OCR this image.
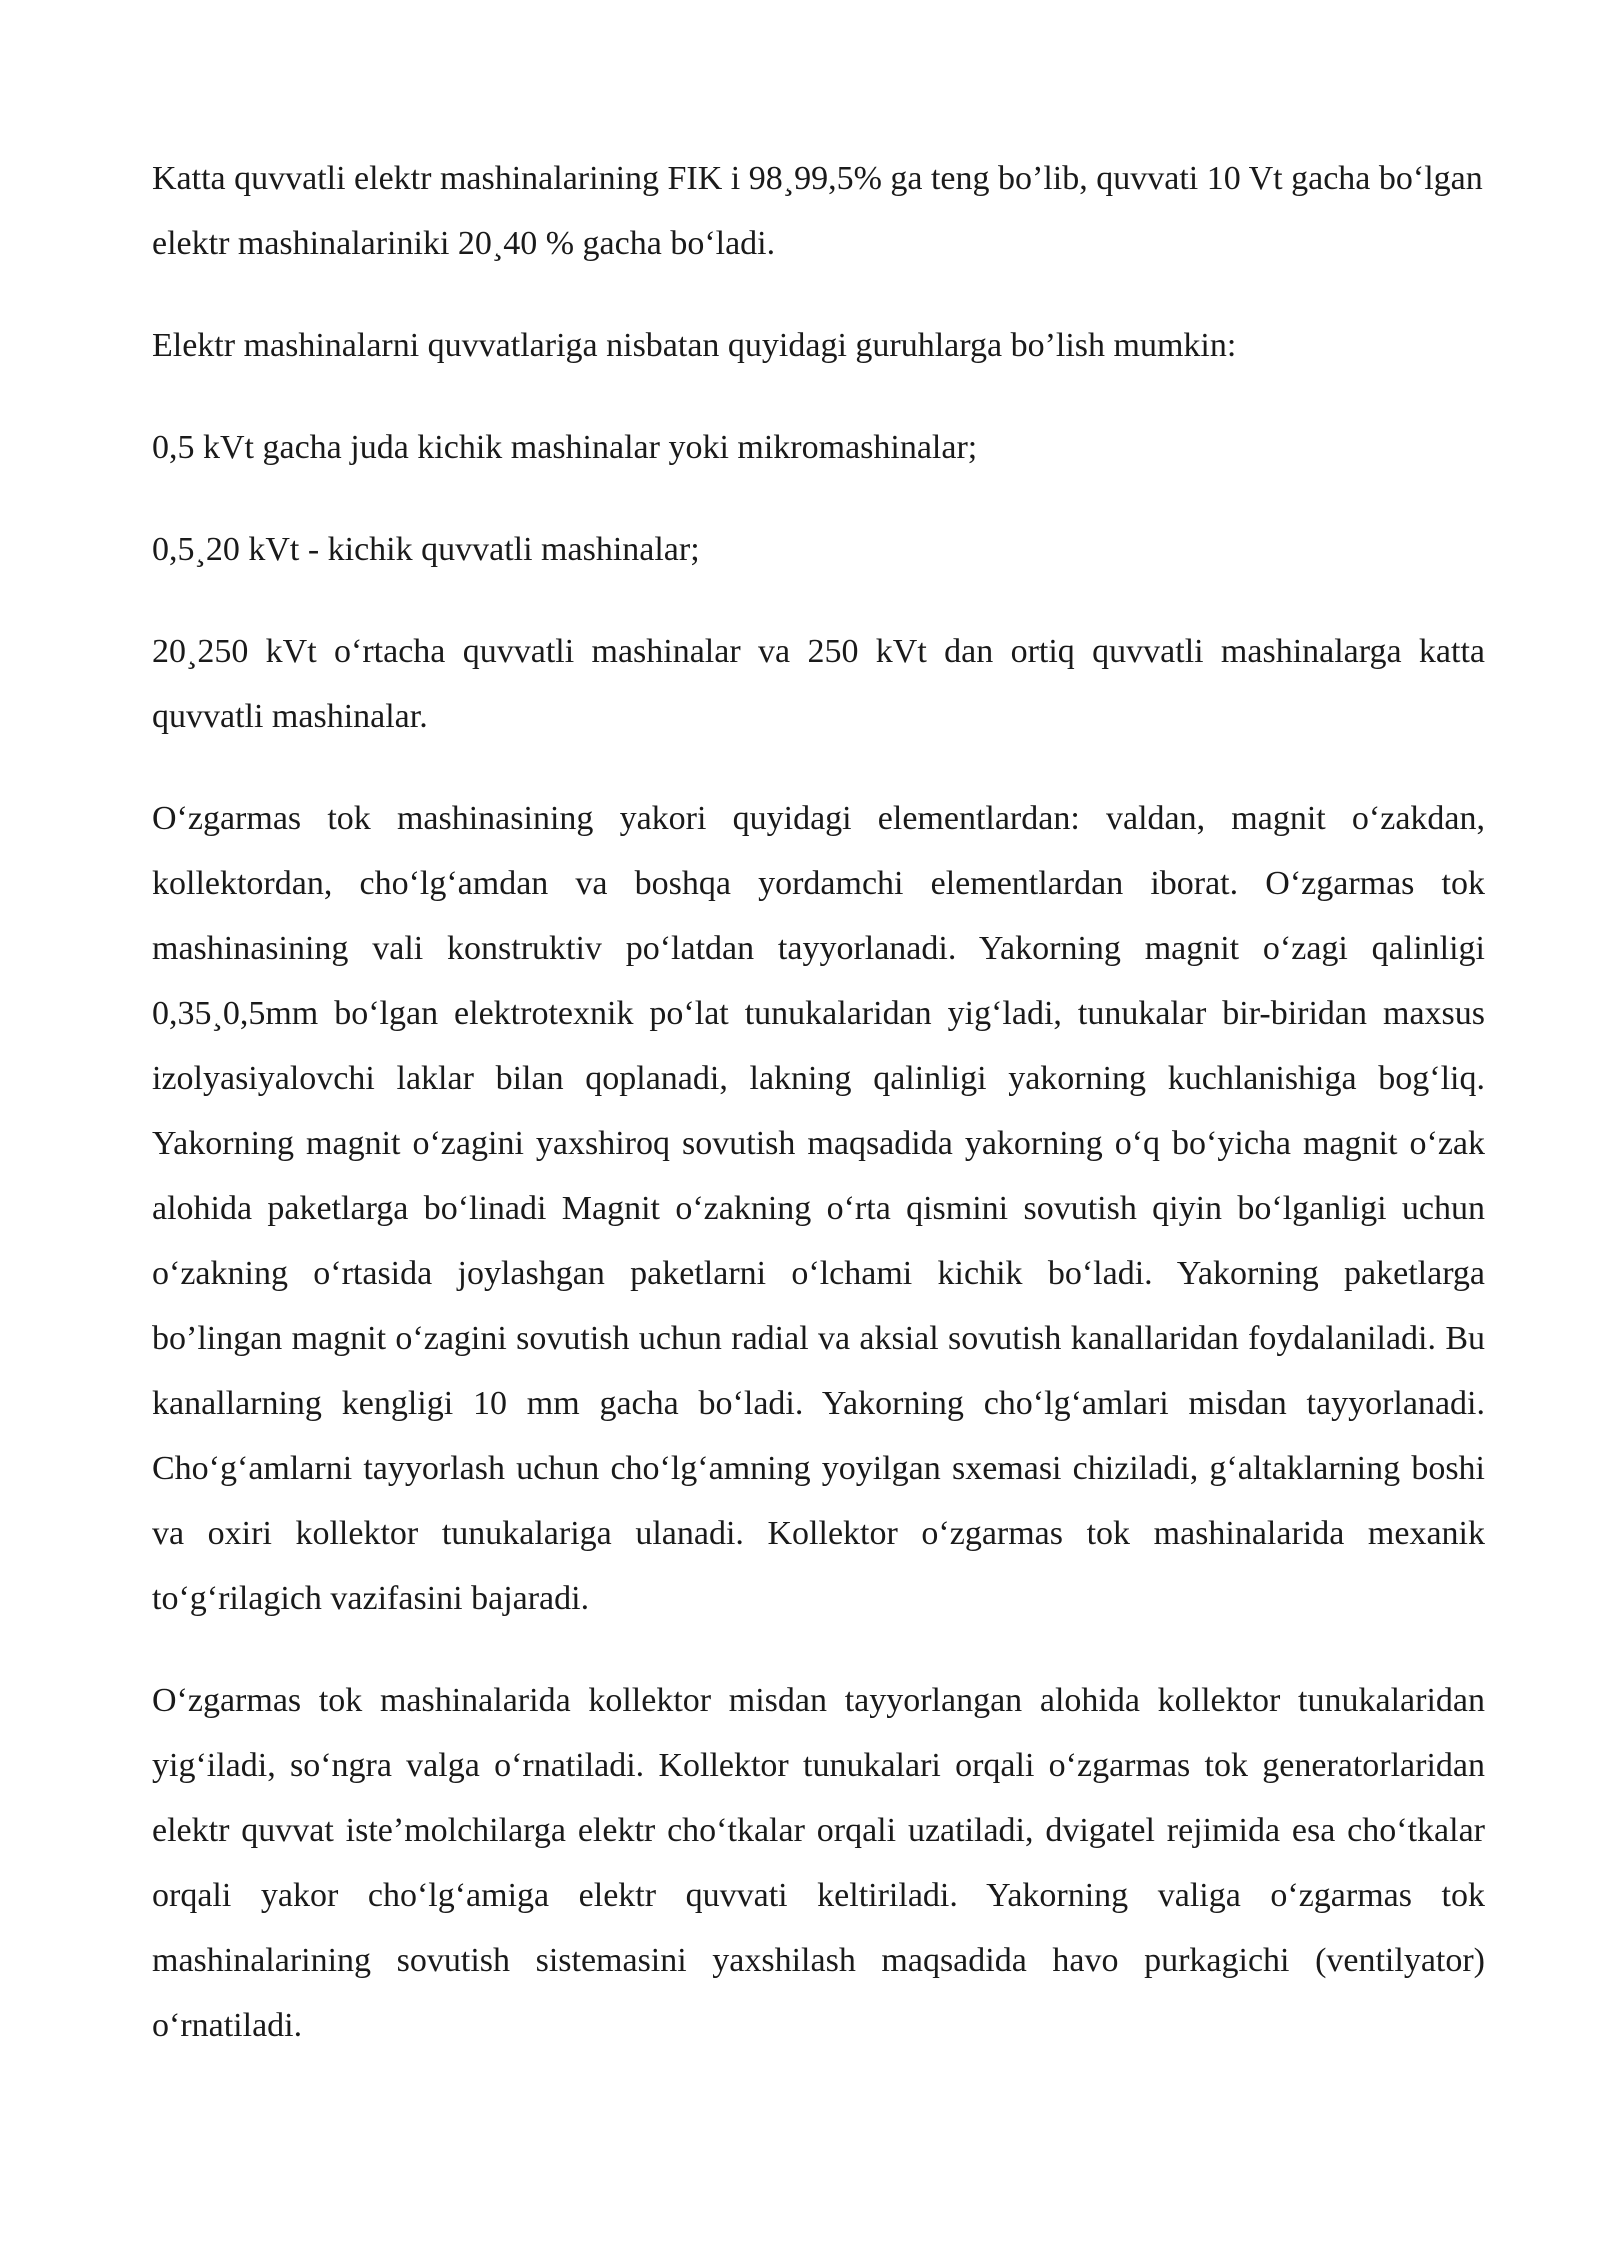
Katta quvvatli elektr mashinalarining FIK i 98¸99,5% ga teng bo’lib, quvvati 10 Vt gacha boʻlgan elektr mashinalariniki 20¸40 % gacha boʻladi.

Elektr mashinalarni quvvatlariga nisbatan quyidagi guruhlarga bo’lish mumkin:

0,5 kVt gacha juda kichik mashinalar yoki mikromashinalar;

0,5¸20 kVt - kichik quvvatli mashinalar;

20¸250 kVt oʻrtacha quvvatli mashinalar va 250 kVt dan ortiq quvvatli mashinalarga katta quvvatli mashinalar.

Oʻzgarmas tok mashinasining yakori quyidagi elementlardan: valdan, magnit oʻzakdan, kollektordan, choʻlgʻamdan va boshqa yordamchi elementlardan iborat. Oʻzgarmas tok mashinasining vali konstruktiv poʻlatdan tayyorlanadi. Yakorning magnit oʻzagi qalinligi 0,35¸0,5mm boʻlgan elektrotexnik poʻlat tunukalaridan yigʻladi, tunukalar bir-biridan maxsus izolyasiyalovchi laklar bilan qoplanadi, lakning qalinligi yakorning kuchlanishiga bogʻliq. Yakorning magnit oʻzagini yaxshiroq sovutish maqsadida yakorning oʻq boʻyicha magnit oʻzak alohida paketlarga boʻlinadi Magnit oʻzakning oʻrta qismini sovutish qiyin boʻlganligi uchun oʻzakning oʻrtasida joylashgan paketlarni oʻlchami kichik boʻladi. Yakorning paketlarga bo’lingan magnit oʻzagini sovutish uchun radial va aksial sovutish kanallaridan foydalaniladi. Bu kanallarning kengligi 10 mm gacha boʻladi. Yakorning choʻlgʻamlari misdan tayyorlanadi. Choʻgʻamlarni tayyorlash uchun choʻlgʻamning yoyilgan sxemasi chiziladi, gʻaltaklarning boshi va oxiri kollektor tunukalariga ulanadi. Kollektor oʻzgarmas tok mashinalarida mexanik toʻgʻrilagich vazifasini bajaradi.

Oʻzgarmas tok mashinalarida kollektor misdan tayyorlangan alohida kollektor tunukalaridan yigʻiladi, soʻngra valga oʻrnatiladi. Kollektor tunukalari orqali oʻzgarmas tok generatorlaridan elektr quvvat isteʼmolchilarga elektr choʻtkalar orqali uzatiladi, dvigatel rejimida esa choʻtkalar orqali yakor choʻlgʻamiga elektr quvvati keltiriladi. Yakorning valiga oʻzgarmas tok mashinalarining sovutish sistemasini yaxshilash maqsadida havo purkagichi (ventilyator) oʻrnatiladi.
